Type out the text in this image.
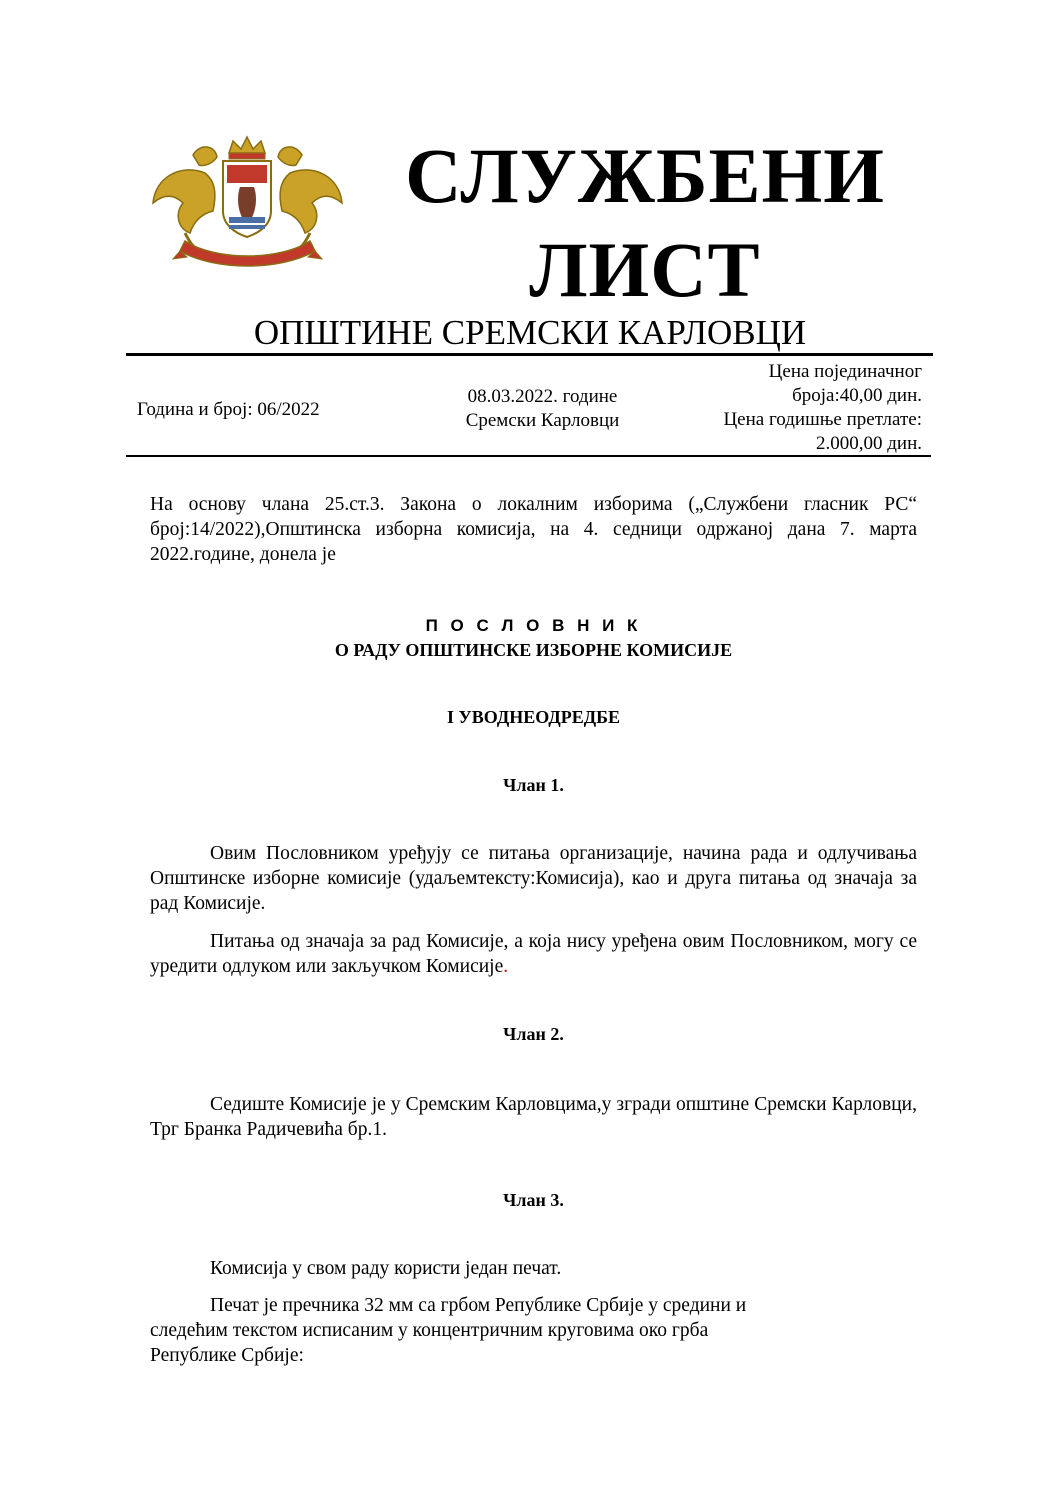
СЛУЖБЕНИ
ЛИСТ
ОПШТИНЕ СРЕМСКИ КАРЛОВЦИ
Година и број: 06/2022
08.03.2022. године
Сремски Карловци
Цена појединачног
броја:40,00 дин.
Цена годишње претлате:
2.000,00 дин.
На основу члана 25.ст.3. Закона о локалним изборима („Службени гласник РС“ број:14/2022),Општинска изборна комисија, на 4. седници одржаној дана 7. марта 2022.године, донела је
П О С Л О В Н И К
О РАДУ ОПШТИНСКЕ ИЗБОРНЕ КОМИСИЈЕ
I УВОДНЕОДРЕДБЕ
Члан 1.
Овим Пословником уређују се питања организације, начина рада и одлучивања Општинске изборне комисије (удаљемтексту:Комисија), као и друга питања од значаја за рад Комисије.
Питања од значаја за рад Комисије, а која нису уређена овим Пословником, могу се уредити одлуком или закључком Комисије.
Члан 2.
Седиште Комисије је у Сремским Карловцима,у згради општине Сремски Карловци, Трг Бранка Радичевића бр.1.
Члан 3.
Комисија у свом раду користи један печат.
Печат је пречника 32 мм са грбом Републике Србије у средини и
следећим текстом исписаним у концентричним круговима око грба
Републике Србије:
